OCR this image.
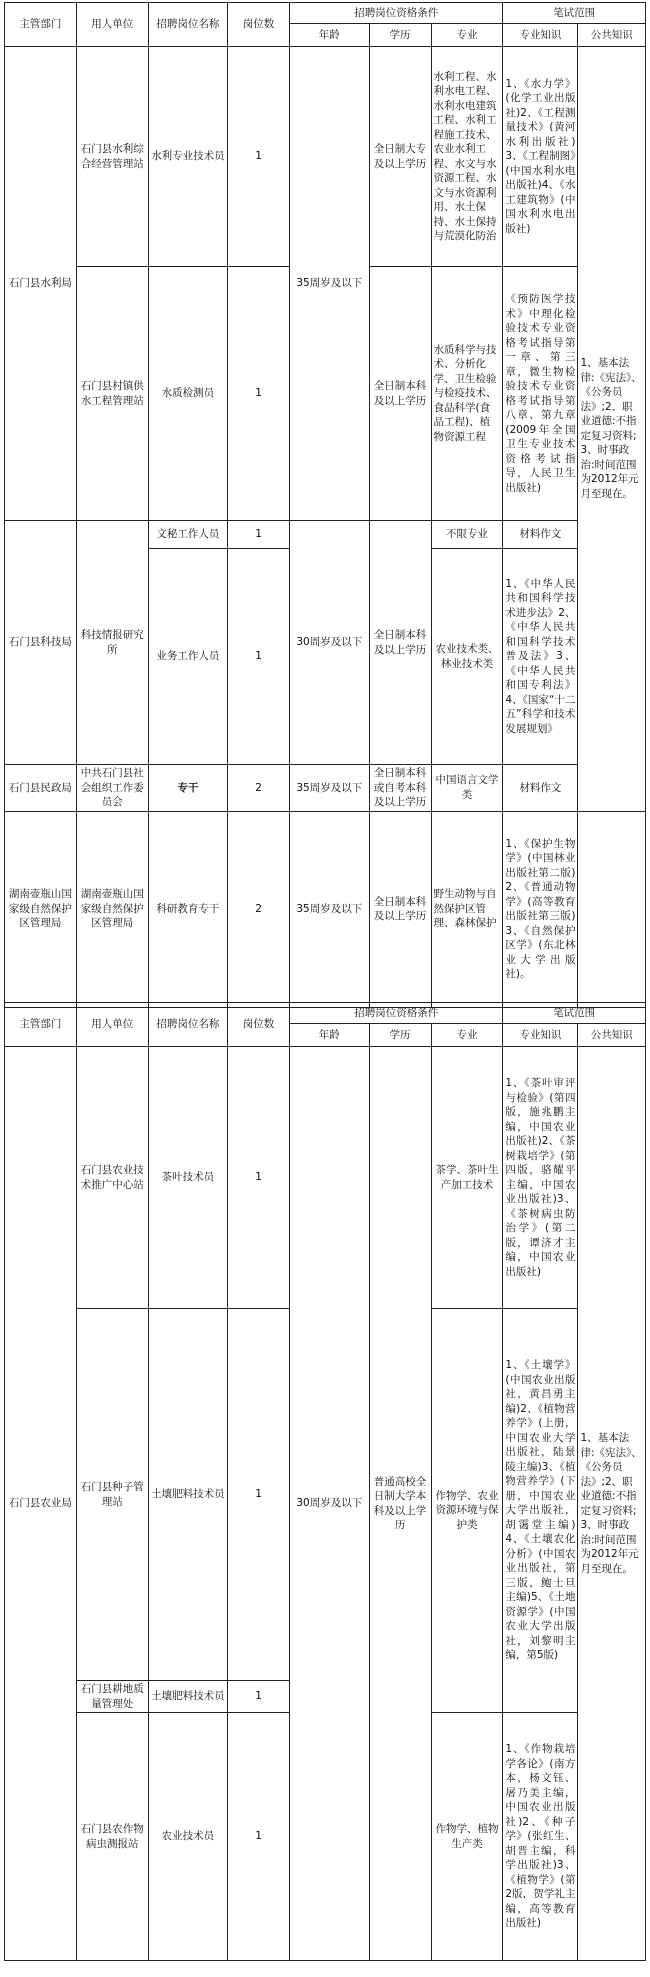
主管部门	用人单位	招聘岗位名称	岗位数	招聘岗位资格条件			笔试范围	
				年龄	学历	专业	专业知识	公共知识
石门县水利局	石门县水利综合经营管理站	水利专业技术员	1	35周岁及以下	全日制大专及以上学历	水利工程、水利水电工程、水利水电建筑工程、水利工程施工技术、农业水利工程、水文与水资源工程、水文与水资源利用、水土保持、水土保持与荒漠化防治	1、《水力学》(化学工业出版社)2、《工程测量技术》(黄河水利出版社)3、《工程制图》(中国水利水电出版社)4、《水工建筑物》(中国水利水电出版社)	1、基本法律:《宪法》、《公务员法》;2、职业道德:不指定复习资料;3、时事政治:时间范围为2012年元月至现在。
	石门县村镇供水工程管理站	水质检测员	1		全日制本科及以上学历	水质科学与技术、分析化学、卫生检验与检疫技术、食品科学(食品工程)、植物资源工程	《预防医学技术》中理化检验技术专业资格考试指导第一章、第三章，微生物检验技术专业资格考试指导第八章、第九章(2009年全国卫生专业技术资格考试指导，人民卫生出版社)	
石门县科技局	科技情报研究所	文秘工作人员	1	30周岁及以下	全日制本科及以上学历	不限专业	材料作文	
		业务工作人员	1			农业技术类、林业技术类	1、《中华人民共和国科学技术进步法》2、《中华人民共和国科学技术普及法》3、《中华人民共和国专利法》4、《国家“十二五”科学和技术发展规划》	
石门县民政局	中共石门县社会组织工作委员会	专干	2	35周岁及以下	全日制本科或自考本科及以上学历	中国语言文学类	材料作文	
湖南壶瓶山国家级自然保护区管理局	湖南壶瓶山国家级自然保护区管理局	科研教育专干	2	35周岁及以下	全日制本科及以上学历	野生动物与自然保护区管理、森林保护	1、《保护生物学》(中国林业出版社第二版)2、《普通动物学》(高等教育出版社第三版)3、《自然保护区学》(东北林业大学出版社)。	
主管部门	用人单位	招聘岗位名称	岗位数	招聘岗位资格条件			笔试范围	
				年龄	学历	专业	专业知识	公共知识
石门县农业局	石门县农业技术推广中心站	茶叶技术员	1	30周岁及以下	普通高校全日制大学本科及以上学历	茶学、茶叶生产加工技术	1、《茶叶审评与检验》(第四版，施兆鹏主编，中国农业出版社)2、《茶树栽培学》(第四版，骆耀平主编，中国农业出版社)3、《茶树病虫防治学》(第二版，谭济才主编，中国农业出版社)	1、基本法律:《宪法》、《公务员法》;2、职业道德:不指定复习资料;3、时事政治:时间范围为2012年元月至现在。
	石门县种子管理站	土壤肥料技术员	1			作物学、农业资源环境与保护类	1、《土壤学》(中国农业出版社，黄昌勇主编)2、《植物营养学》(上册，中国农业大学出版社，陆景陵主编)3、《植物营养学》(下册，中国农业大学出版社，胡霭堂主编)4、《土壤农化分析》(中国农业出版社，第三版，鲍士旦主编)5、《土地资源学》(中国农业大学出版社，刘黎明主编，第5版)	
	石门县耕地质量管理处	土壤肥料技术员	1					
	石门县农作物病虫测报站	农业技术员	1			作物学、植物生产类	1、《作物栽培学各论》(南方本，杨文钰、屠乃美主编，中国农业出版社)2、《种子学》(张红生、胡晋主编，科学出版社)3、《植物学》(第2版，贺学礼主编，高等教育出版社)	
